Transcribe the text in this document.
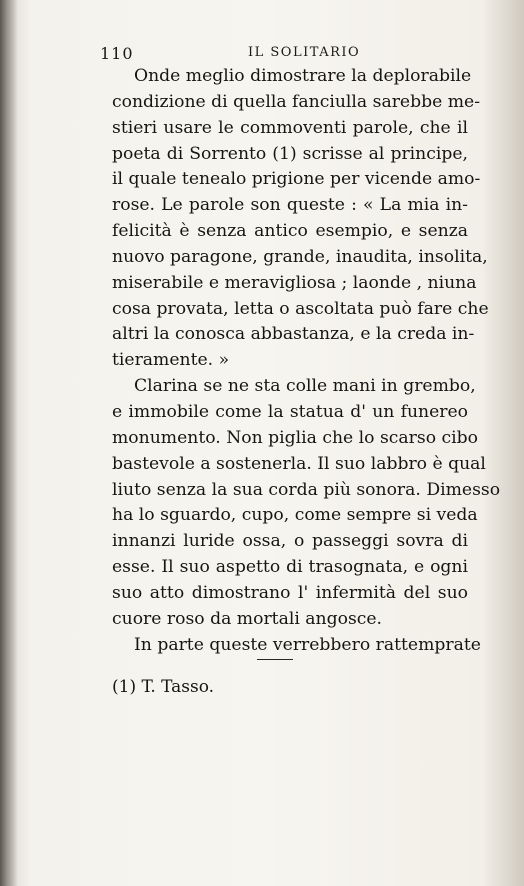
110	IL SOLITARIO
Onde meglio dimostrare la deplorabile
condizione di quella fanciulla sarebbe me-
stieri usare le commoventi parole, che il
poeta di Sorrento (1) scrisse al principe,
il quale tenealo prigione per vicende amo-
rose. Le parole son queste : « La mia in-
felicità è senza antico esempio, e senza
nuovo paragone, grande, inaudita, insolita,
miserabile e meravigliosa ; laonde , niuna
cosa provata, letta o ascoltata può fare che
altri la conosca abbastanza, e la creda in-
tieramente. »
Clarina se ne sta colle mani in grembo,
e immobile come la statua d' un funereo
monumento. Non piglia che lo scarso cibo
bastevole a sostenerla. Il suo labbro è qual
liuto senza la sua corda più sonora. Dimesso
ha lo sguardo, cupo, come sempre si veda
innanzi luride ossa, o passeggi sovra di
esse. Il suo aspetto di trasognata, e ogni
suo atto dimostrano l' infermità del suo
cuore roso da mortali angosce.
In parte queste verrebbero rattemprate
(1) T. Tasso.
